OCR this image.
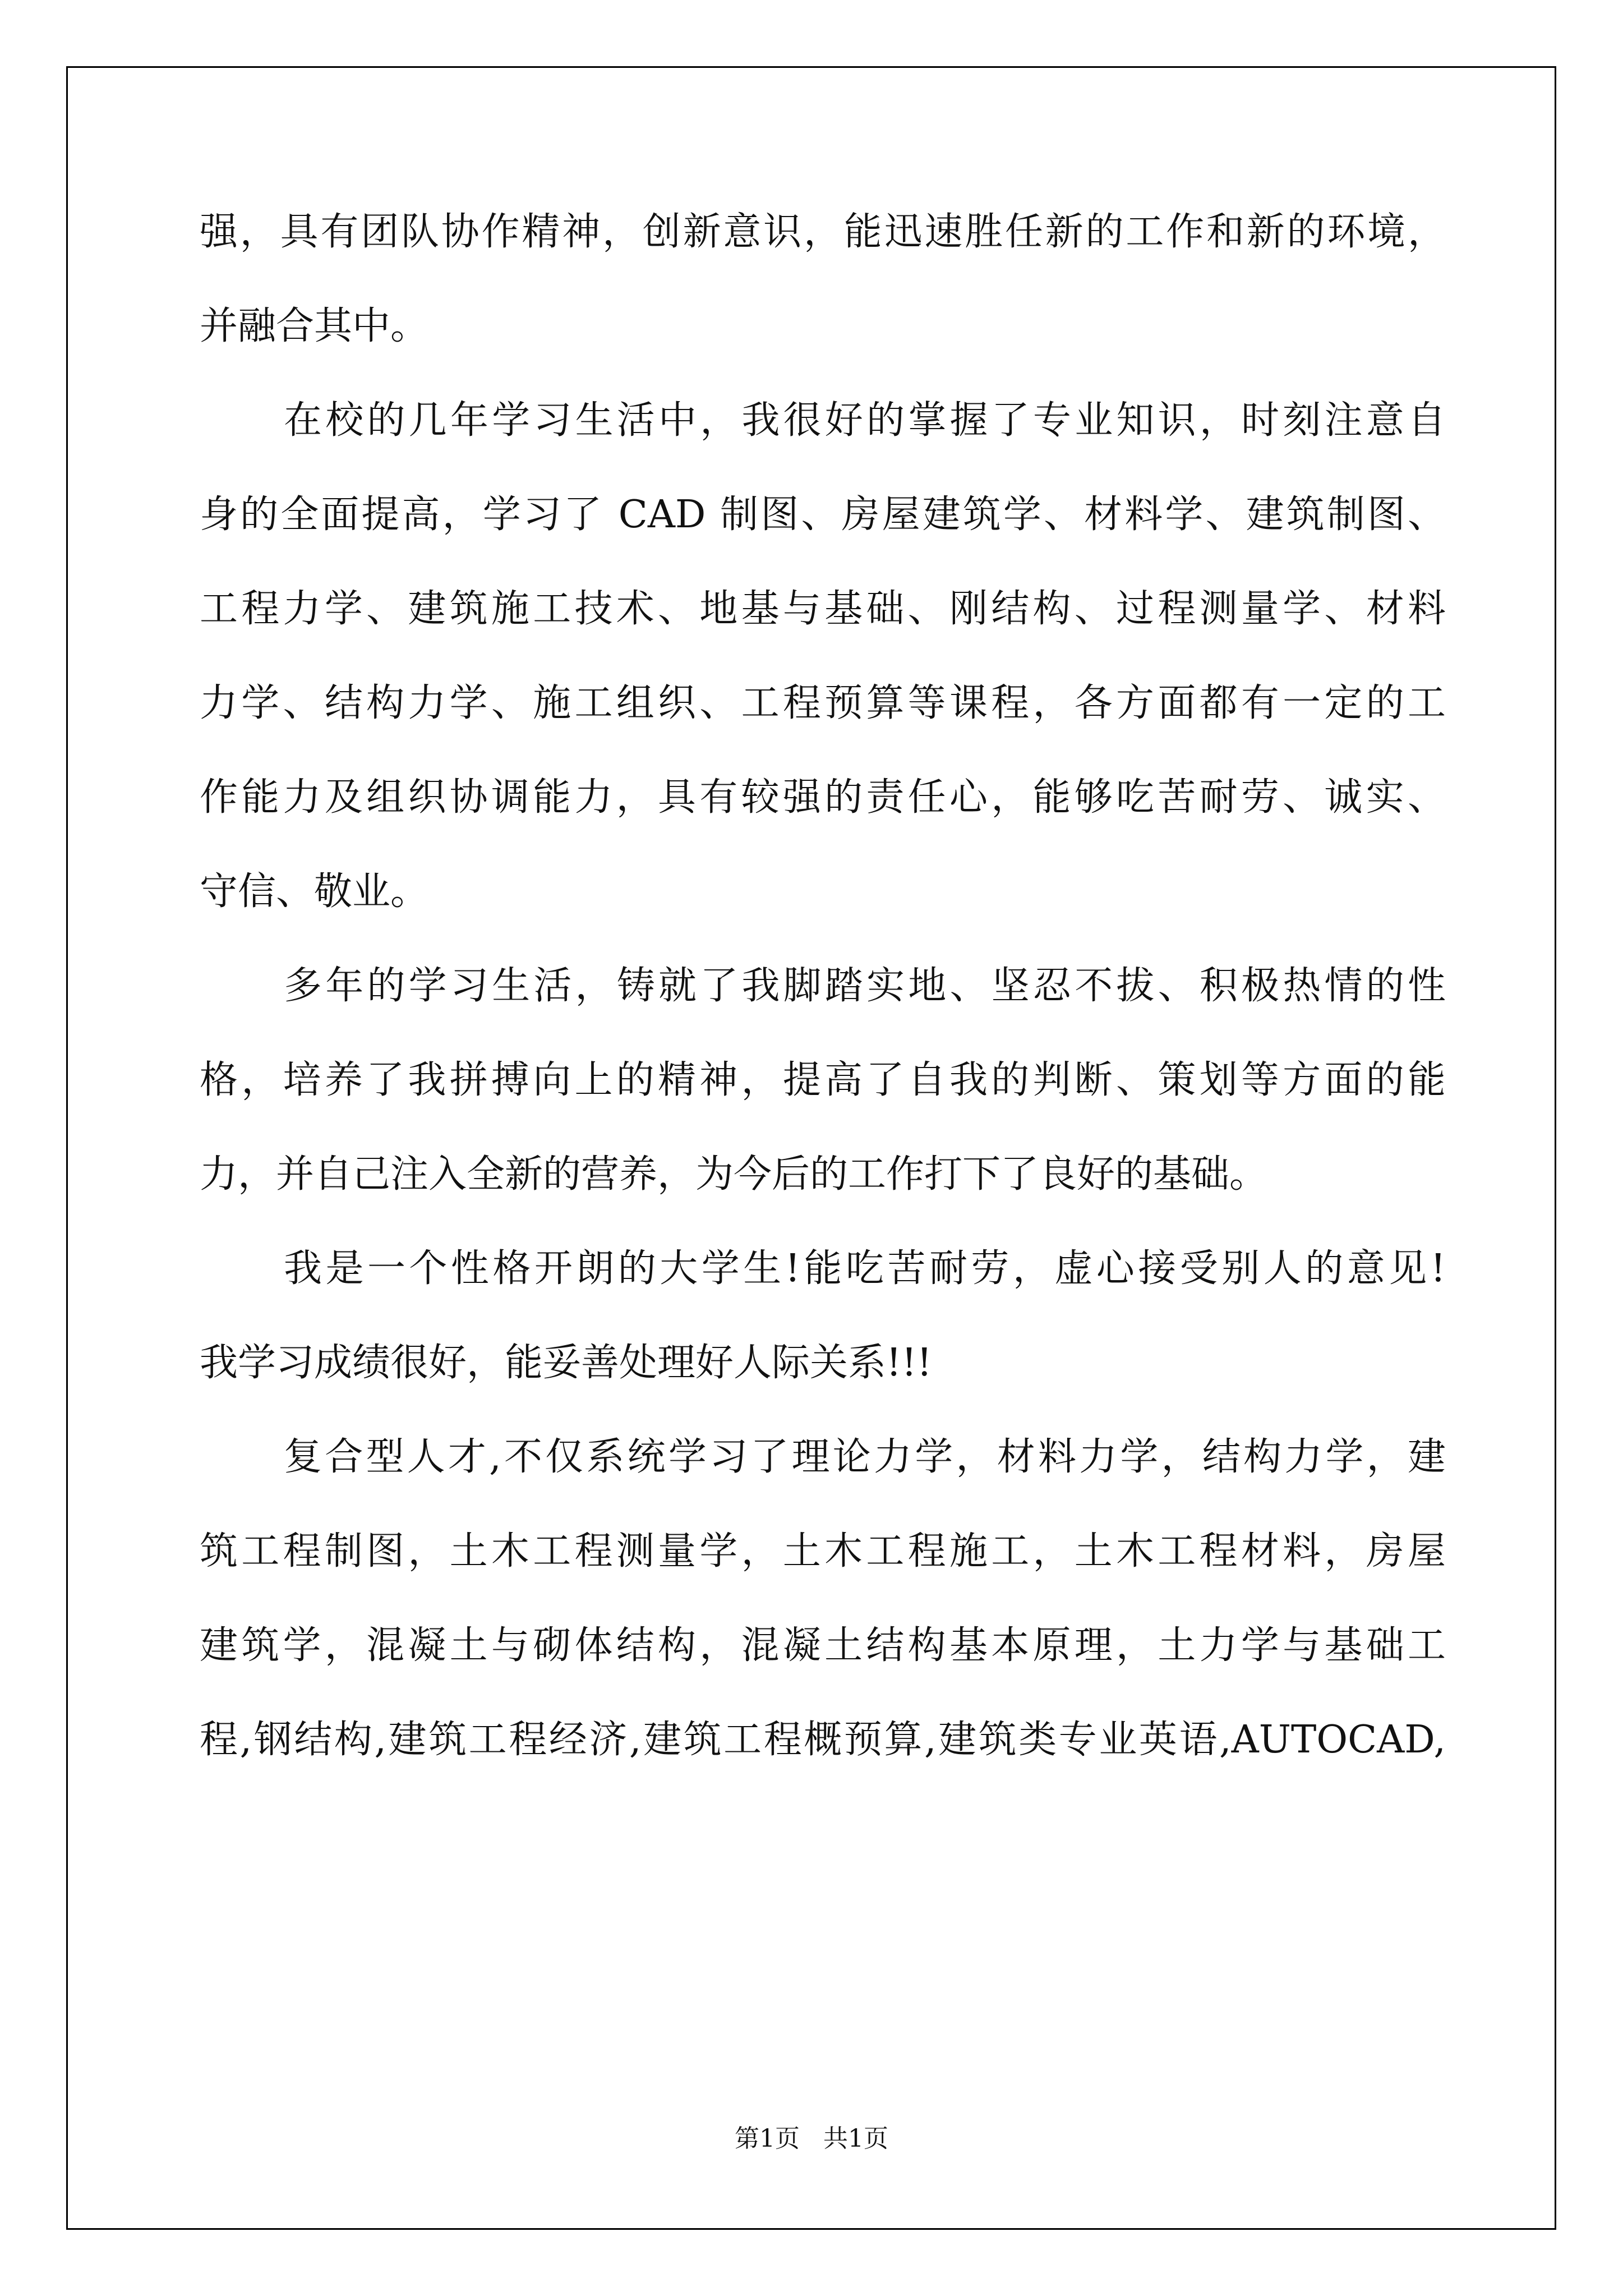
强，具有团队协作精神，创新意识，能迅速胜任新的工作和新的环境，
并融合其中。
在校的几年学习生活中，我很好的掌握了专业知识，时刻注意自
身的全面提高，学习了 CAD 制图、房屋建筑学、材料学、建筑制图、
工程力学、建筑施工技术、地基与基础、刚结构、过程测量学、材料
力学、结构力学、施工组织、工程预算等课程，各方面都有一定的工
作能力及组织协调能力，具有较强的责任心，能够吃苦耐劳、诚实、
守信、敬业。
多年的学习生活，铸就了我脚踏实地、坚忍不拔、积极热情的性
格，培养了我拼搏向上的精神，提高了自我的判断、策划等方面的能
力，并自己注入全新的营养，为今后的工作打下了良好的基础。
我是一个性格开朗的大学生!能吃苦耐劳，虚心接受别人的意见!
我学习成绩很好，能妥善处理好人际关系!!!
复合型人才,不仅系统学习了理论力学，材料力学，结构力学，建
筑工程制图，土木工程测量学，土木工程施工，土木工程材料，房屋
建筑学，混凝土与砌体结构，混凝土结构基本原理，土力学与基础工
程,钢结构,建筑工程经济,建筑工程概预算,建筑类专业英语,AUTOCAD,
第1页   共1页
